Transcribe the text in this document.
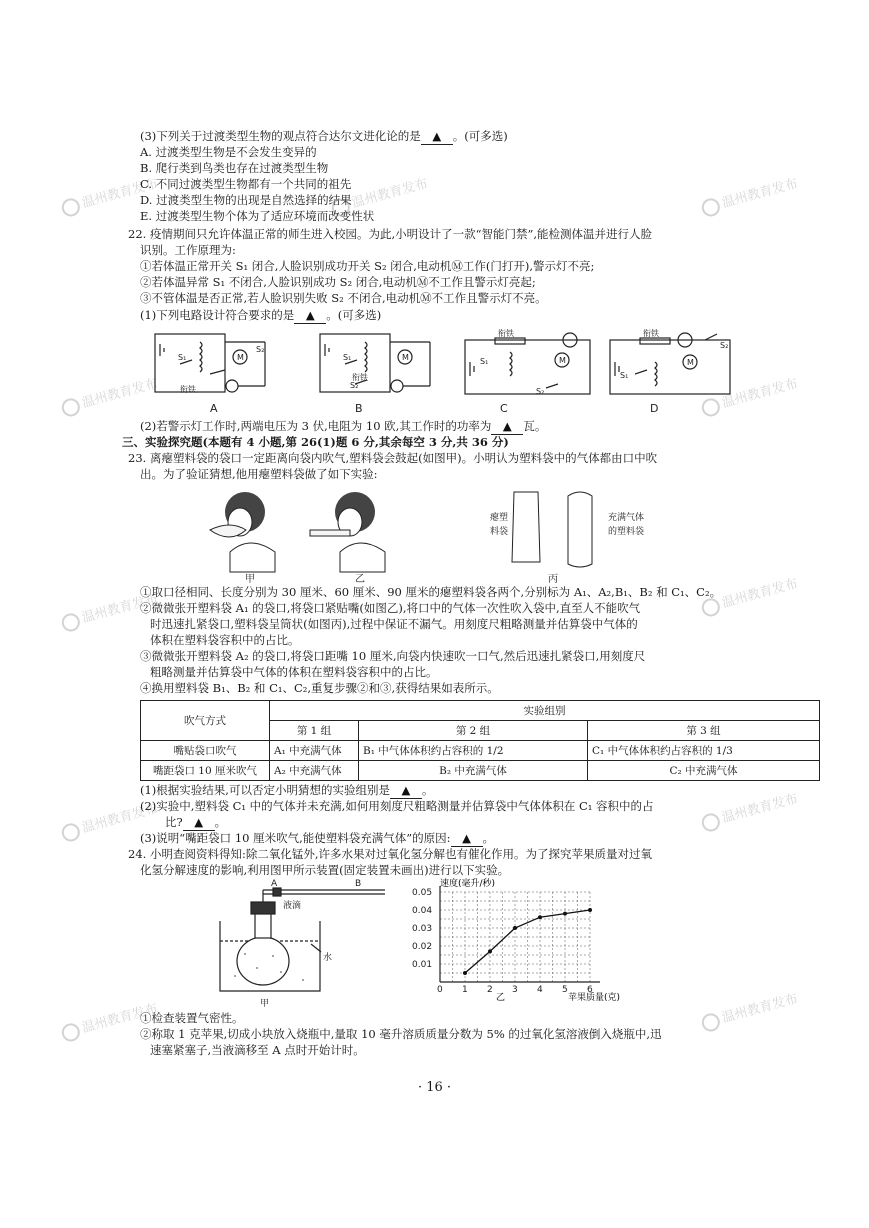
温州教育发布	温州教育发布	温州教育发布
温州教育发布	温州教育发布
温州教育发布	温州教育发布
温州教育发布	温州教育发布
温州教育发布	温州教育发布
(3)下列关于过渡类型生物的观点符合达尔文进化论的是 ▲ 。(可多选)
A. 过渡类型生物是不会发生变异的
B. 爬行类到鸟类也存在过渡类型生物
C. 不同过渡类型生物都有一个共同的祖先
D. 过渡类型生物的出现是自然选择的结果
E. 过渡类型生物个体为了适应环境而改变性状
22. 疫情期间只允许体温正常的师生进入校园。为此,小明设计了一款“智能门禁”,能检测体温并进行人脸
识别。工作原理为:
①若体温正常开关 S₁ 闭合,人脸识别成功开关 S₂ 闭合,电动机Ⓜ工作(门打开),警示灯不亮;
②若体温异常 S₁ 不闭合,人脸识别成功 S₂ 闭合,电动机Ⓜ不工作且警示灯亮起;
③不管体温是否正常,若人脸识别失败 S₂ 不闭合,电动机Ⓜ不工作且警示灯不亮。
(1)下列电路设计符合要求的是 ▲ 。(可多选)
S₁
S₂
衔铁
M	S₁
S₂
衔铁
M
衔铁
S₁
S₂
M
衔铁
S₁
S₂
M
A	B	C	D
(2)若警示灯工作时,两端电压为 3 伏,电阻为 10 欧,其工作时的功率为 ▲ 瓦。
三、实验探究题(本题有 4 小题,第 26(1)题 6 分,其余每空 3 分,共 36 分)
23. 离瘪塑料袋的袋口一定距离向袋内吹气,塑料袋会鼓起(如图甲)。小明认为塑料袋中的气体都由口中吹
出。为了验证猜想,他用瘪塑料袋做了如下实验:
瘪塑
料袋
充满气体
的塑料袋
甲	乙	丙
①取口径相同、长度分别为 30 厘米、60 厘米、90 厘米的瘪塑料袋各两个,分别标为 A₁、A₂,B₁、B₂ 和 C₁、C₂。
②微微张开塑料袋 A₁ 的袋口,将袋口紧贴嘴(如图乙),将口中的气体一次性吹入袋中,直至人不能吹气
时迅速扎紧袋口,塑料袋呈筒状(如图丙),过程中保证不漏气。用刻度尺粗略测量并估算袋中气体的
体积在塑料袋容积中的占比。
③微微张开塑料袋 A₂ 的袋口,将袋口距嘴 10 厘米,向袋内快速吹一口气,然后迅速扎紧袋口,用刻度尺
粗略测量并估算袋中气体的体积在塑料袋容积中的占比。
④换用塑料袋 B₁、B₂ 和 C₁、C₂,重复步骤②和③,获得结果如表所示。
吹气方式	实验组别		
	第 1 组	第 2 组	第 3 组
嘴贴袋口吹气	A₁ 中充满气体	B₁ 中气体体积约占容积的 1/2	C₁ 中气体体积约占容积的 1/3
嘴距袋口 10 厘米吹气	A₂ 中充满气体	B₂ 中充满气体	C₂ 中充满气体
(1)根据实验结果,可以否定小明猜想的实验组别是 ▲ 。
(2)实验中,塑料袋 C₁ 中的气体并未充满,如何用刻度尺粗略测量并估算袋中气体体积在 C₁ 容积中的占
比? ▲ 。
(3)说明“嘴距袋口 10 厘米吹气,能使塑料袋充满气体”的原因: ▲ 。
24. 小明查阅资料得知:除二氧化锰外,许多水果对过氧化氢分解也有催化作用。为了探究苹果质量对过氧
化氢分解速度的影响,利用图甲所示装置(固定装置未画出)进行以下实验。
A	B
液滴
水
甲
0 1 2 3 4 5 6
0.01
0.02
0.03
0.04
0.05
速度(毫升/秒)
苹果质量(克)
乙
①检查装置气密性。
②称取 1 克苹果,切成小块放入烧瓶中,量取 10 毫升溶质质量分数为 5% 的过氧化氢溶液倒入烧瓶中,迅
速塞紧塞子,当液滴移至 A 点时开始计时。
· 16 ·
